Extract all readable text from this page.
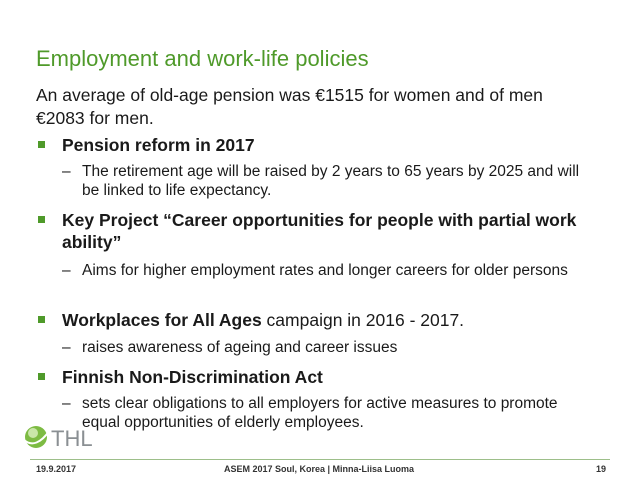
Employment and work-life policies
An average of old-age pension was €1515 for women and of men €2083 for men.
Pension reform in 2017
– The retirement age will be raised by 2 years to 65 years by 2025 and will be linked to life expectancy.
Key Project “Career opportunities for people with partial work ability”
– Aims for higher employment rates and longer careers for older persons
Workplaces for All Ages campaign in 2016 - 2017.
– raises awareness of ageing and career issues
Finnish Non-Discrimination Act
– sets clear obligations to all employers for active measures to promote equal opportunities of elderly employees.
THL
19.9.2017	ASEM 2017 Soul, Korea | Minna-Liisa Luoma	19
